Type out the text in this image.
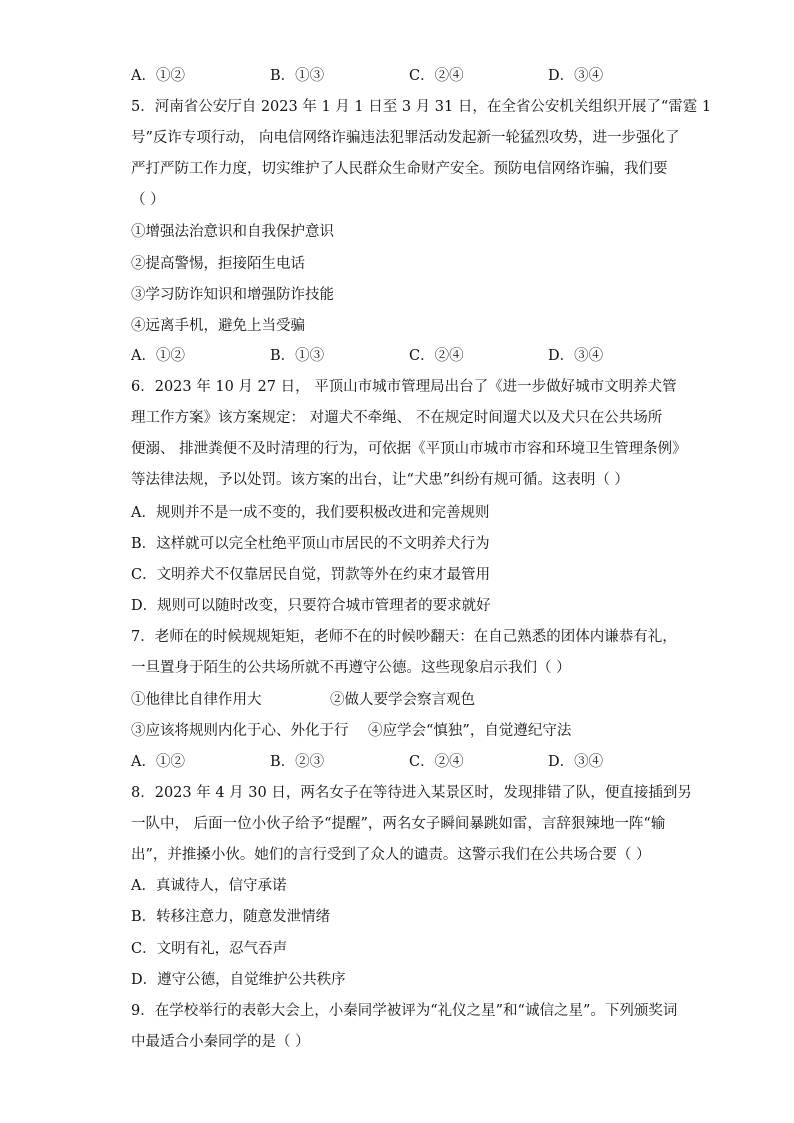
A．①②	B．①③	C．②④	D．③④
5．河南省公安厅自 2023 年 1 月 1 日至 3 月 31 日，在全省公安机关组织开展了“雷霆 1
号”反诈专项行动， 向电信网络诈骗违法犯罪活动发起新一轮猛烈攻势，进一步强化了
严打严防工作力度，切实维护了人民群众生命财产安全。预防电信网络诈骗，我们要
（ ）
①增强法治意识和自我保护意识
②提高警惕，拒接陌生电话
③学习防诈知识和增强防诈技能
④远离手机，避免上当受骗
A．①②	B．①③	C．②④	D．③④
6．2023 年 10 月 27 日， 平顶山市城市管理局出台了《进一步做好城市文明养犬管
理工作方案》该方案规定： 对遛犬不牵绳、 不在规定时间遛犬以及犬只在公共场所
便溺、 排泄粪便不及时清理的行为，可依据《平顶山市城市市容和环境卫生管理条例》
等法律法规，予以处罚。该方案的出台，让“犬患”纠纷有规可循。这表明（ ）
A．规则并不是一成不变的，我们要积极改进和完善规则
B．这样就可以完全杜绝平顶山市居民的不文明养犬行为
C．文明养犬不仅靠居民自觉，罚款等外在约束才最管用
D．规则可以随时改变，只要符合城市管理者的要求就好
7．老师在的时候规规矩矩，老师不在的时候吵翻天：在自己熟悉的团体内谦恭有礼，
一旦置身于陌生的公共场所就不再遵守公德。这些现象启示我们（ ）
①他律比自律作用大	②做人要学会察言观色
③应该将规则内化于心、外化于行 ④应学会“慎独”，自觉遵纪守法
A．①②	B．②③	C．②④	D．③④
8．2023 年 4 月 30 日，两名女子在等待进入某景区时，发现排错了队，便直接插到另
一队中， 后面一位小伙子给予“提醒”，两名女子瞬间暴跳如雷，言辞狠辣地一阵“输
出”，并推搡小伙。她们的言行受到了众人的谴责。这警示我们在公共场合要（ ）
A．真诚待人，信守承诺
B．转移注意力，随意发泄情绪
C．文明有礼，忍气吞声
D．遵守公德，自觉维护公共秩序
9．在学校举行的表彰大会上，小秦同学被评为“礼仪之星”和“诚信之星”。下列颁奖词
中最适合小秦同学的是（ ）
